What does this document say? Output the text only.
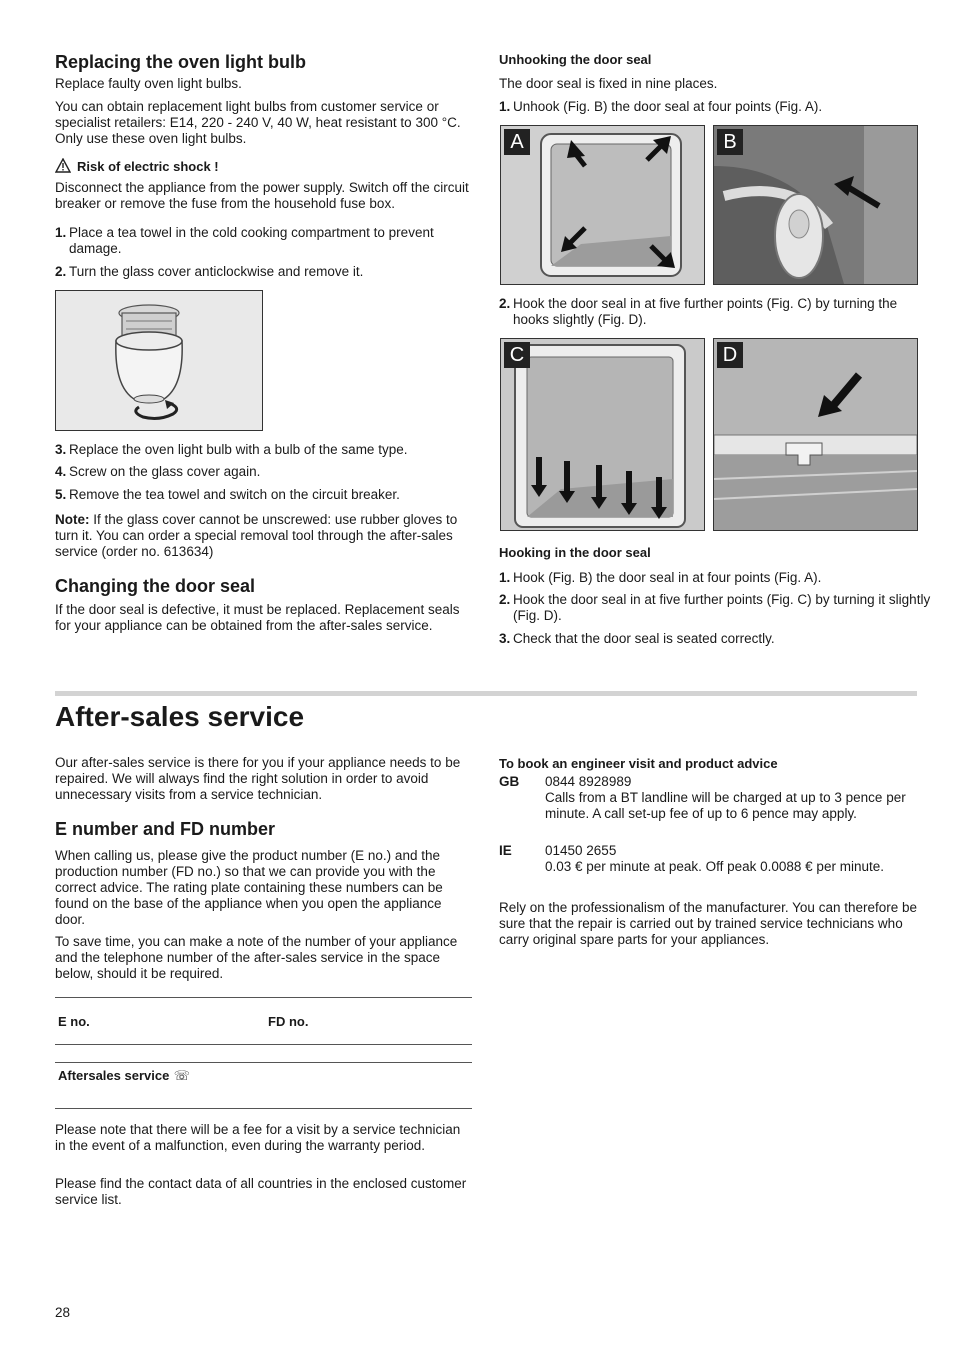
Replacing the oven light bulb

Replace faulty oven light bulbs.

You can obtain replacement light bulbs from customer service or specialist retailers: E14, 220 - 240 V, 40 W, heat resistant to 300 °C. Only use these oven light bulbs.

Risk of electric shock !

Disconnect the appliance from the power supply. Switch off the circuit breaker or remove the fuse from the household fuse box.

1. Place a tea towel in the cold cooking compartment to prevent damage.
2. Turn the glass cover anticlockwise and remove it.
3. Replace the oven light bulb with a bulb of the same type.
4. Screw on the glass cover again.
5. Remove the tea towel and switch on the circuit breaker.

Note: If the glass cover cannot be unscrewed: use rubber gloves to turn it. You can order a special removal tool through the after-sales service (order no. 613634)

Changing the door seal

If the door seal is defective, it must be replaced. Replacement seals for your appliance can be obtained from the after-sales service.

Unhooking the door seal

The door seal is fixed in nine places.

1. Unhook (Fig. B) the door seal at four points (Fig. A).
A	B
2. Hook the door seal in at five further points (Fig. C) by turning the hooks slightly (Fig. D).
C	D
Hooking in the door seal
1. Hook (Fig. B) the door seal in at four points (Fig. A).
2. Hook the door seal in at five further points (Fig. C) by turning it slightly (Fig. D).
3. Check that the door seal is seated correctly.
After-sales service

Our after-sales service is there for you if your appliance needs to be repaired. We will always find the right solution in order to avoid unnecessary visits from a service technician.

E number and FD number

When calling us, please give the product number (E no.) and the production number (FD no.) so that we can provide you with the correct advice. The rating plate containing these numbers can be found on the base of the appliance when you open the appliance door.

To save time, you can make a note of the number of your appliance and the telephone number of the after-sales service in the space below, should it be required.

E no.	FD no.
Aftersales service ☏

Please note that there will be a fee for a visit by a service technician in the event of a malfunction, even during the warranty period.

Please find the contact data of all countries in the enclosed customer service list.

To book an engineer visit and product advice
GB 0844 8928989

Calls from a BT landline will be charged at up to 3 pence per minute. A call set-up fee of up to 6 pence may apply.

IE 01450 2655

0.03 € per minute at peak. Off peak 0.0088 € per minute.

Rely on the professionalism of the manufacturer. You can therefore be sure that the repair is carried out by trained service technicians who carry original spare parts for your appliances.

28
